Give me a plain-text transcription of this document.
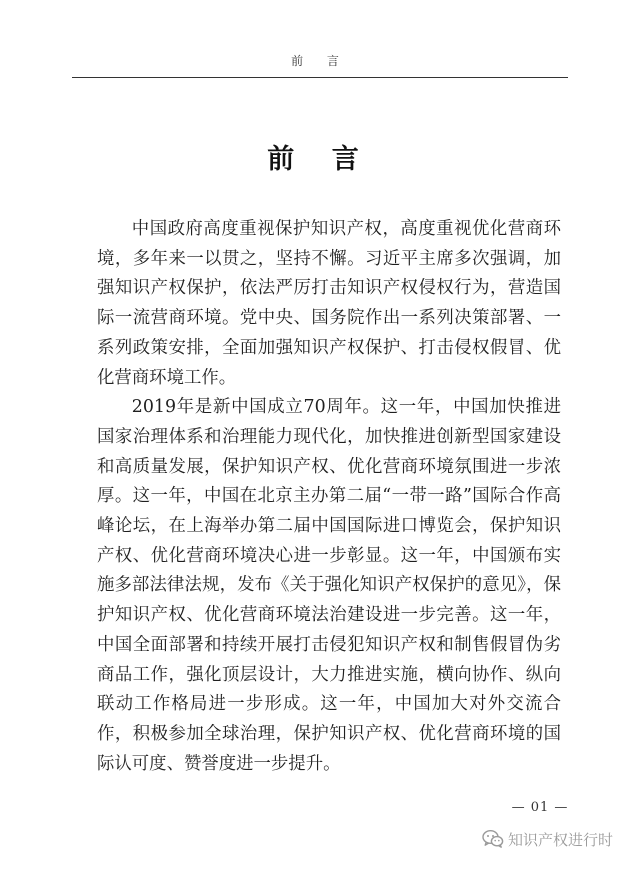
前 言
前 言

中国政府高度重视保护知识产权，高度重视优化营商环境，多年来一以贯之，坚持不懈。习近平主席多次强调，加强知识产权保护，依法严厉打击知识产权侵权行为，营造国际一流营商环境。党中央、国务院作出一系列决策部署、一系列政策安排，全面加强知识产权保护、打击侵权假冒、优化营商环境工作。

2019年是新中国成立70周年。这一年，中国加快推进国家治理体系和治理能力现代化，加快推进创新型国家建设和高质量发展，保护知识产权、优化营商环境氛围进一步浓厚。这一年，中国在北京主办第二届“一带一路”国际合作高峰论坛，在上海举办第二届中国国际进口博览会，保护知识产权、优化营商环境决心进一步彰显。这一年，中国颁布实施多部法律法规，发布《关于强化知识产权保护的意见》，保护知识产权、优化营商环境法治建设进一步完善。这一年，中国全面部署和持续开展打击侵犯知识产权和制售假冒伪劣商品工作，强化顶层设计，大力推进实施，横向协作、纵向联动工作格局进一步形成。这一年，中国加大对外交流合作，积极参加全球治理，保护知识产权、优化营商环境的国际认可度、赞誉度进一步提升。

— 01 —
知识产权进行时
